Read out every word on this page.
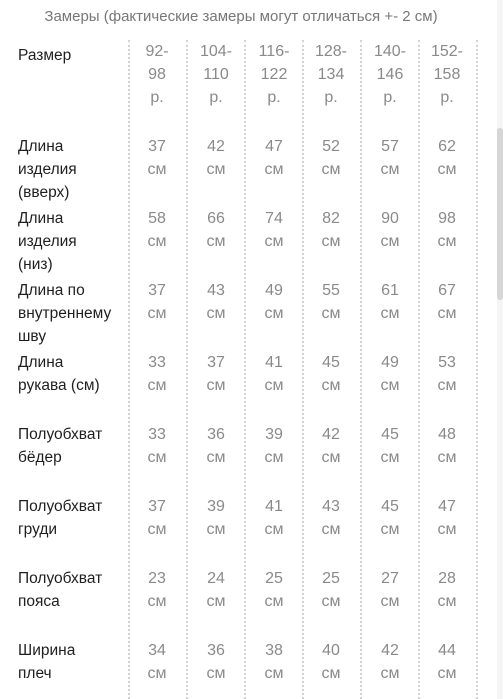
Замеры (фактические замеры могут отличаться +- 2 см)
Размер	92-
98
р.
104-
110
р.
116-
122
р.
128-
134
р.
140-
146
р.
152-
158
р.
Длина
изделия
(вверх)
37
см
42
см
47
см
52
см
57
см
62
см
Длина
изделия
(низ)
58
см
66
см
74
см
82
см
90
см
98
см
Длина по
внутреннему
шву
37
см
43
см
49
см
55
см
61
см
67
см
Длина
рукава (см)
33
см
37
см
41
см
45
см
49
см
53
см
Полуобхват
бёдер
33
см
36
см
39
см
42
см
45
см
48
см
Полуобхват
груди
37
см
39
см
41
см
43
см
45
см
47
см
Полуобхват
пояса
23
см
24
см
25
см
25
см
27
см
28
см
Ширина
плеч
34
см
36
см
38
см
40
см
42
см
44
см
